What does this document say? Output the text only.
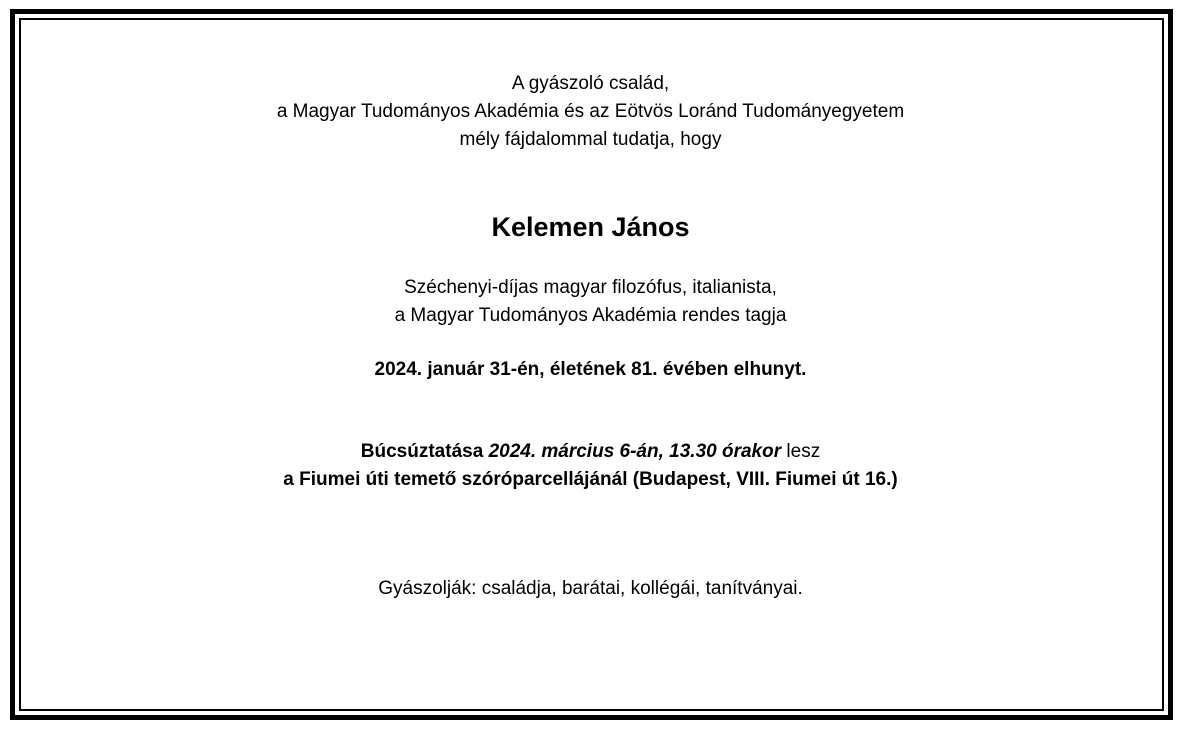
A gyászoló család,
a Magyar Tudományos Akadémia és az Eötvös Loránd Tudományegyetem
mély fájdalommal tudatja, hogy
Kelemen János
Széchenyi-díjas magyar filozófus, italianista,
a Magyar Tudományos Akadémia rendes tagja
2024. január 31-én, életének 81. évében elhunyt.
Búcsúztatása 2024. március 6-án, 13.30 órakor lesz
a Fiumei úti temető szóróparcellájánál (Budapest, VIII. Fiumei út 16.)
Gyászolják: családja, barátai, kollégái, tanítványai.
